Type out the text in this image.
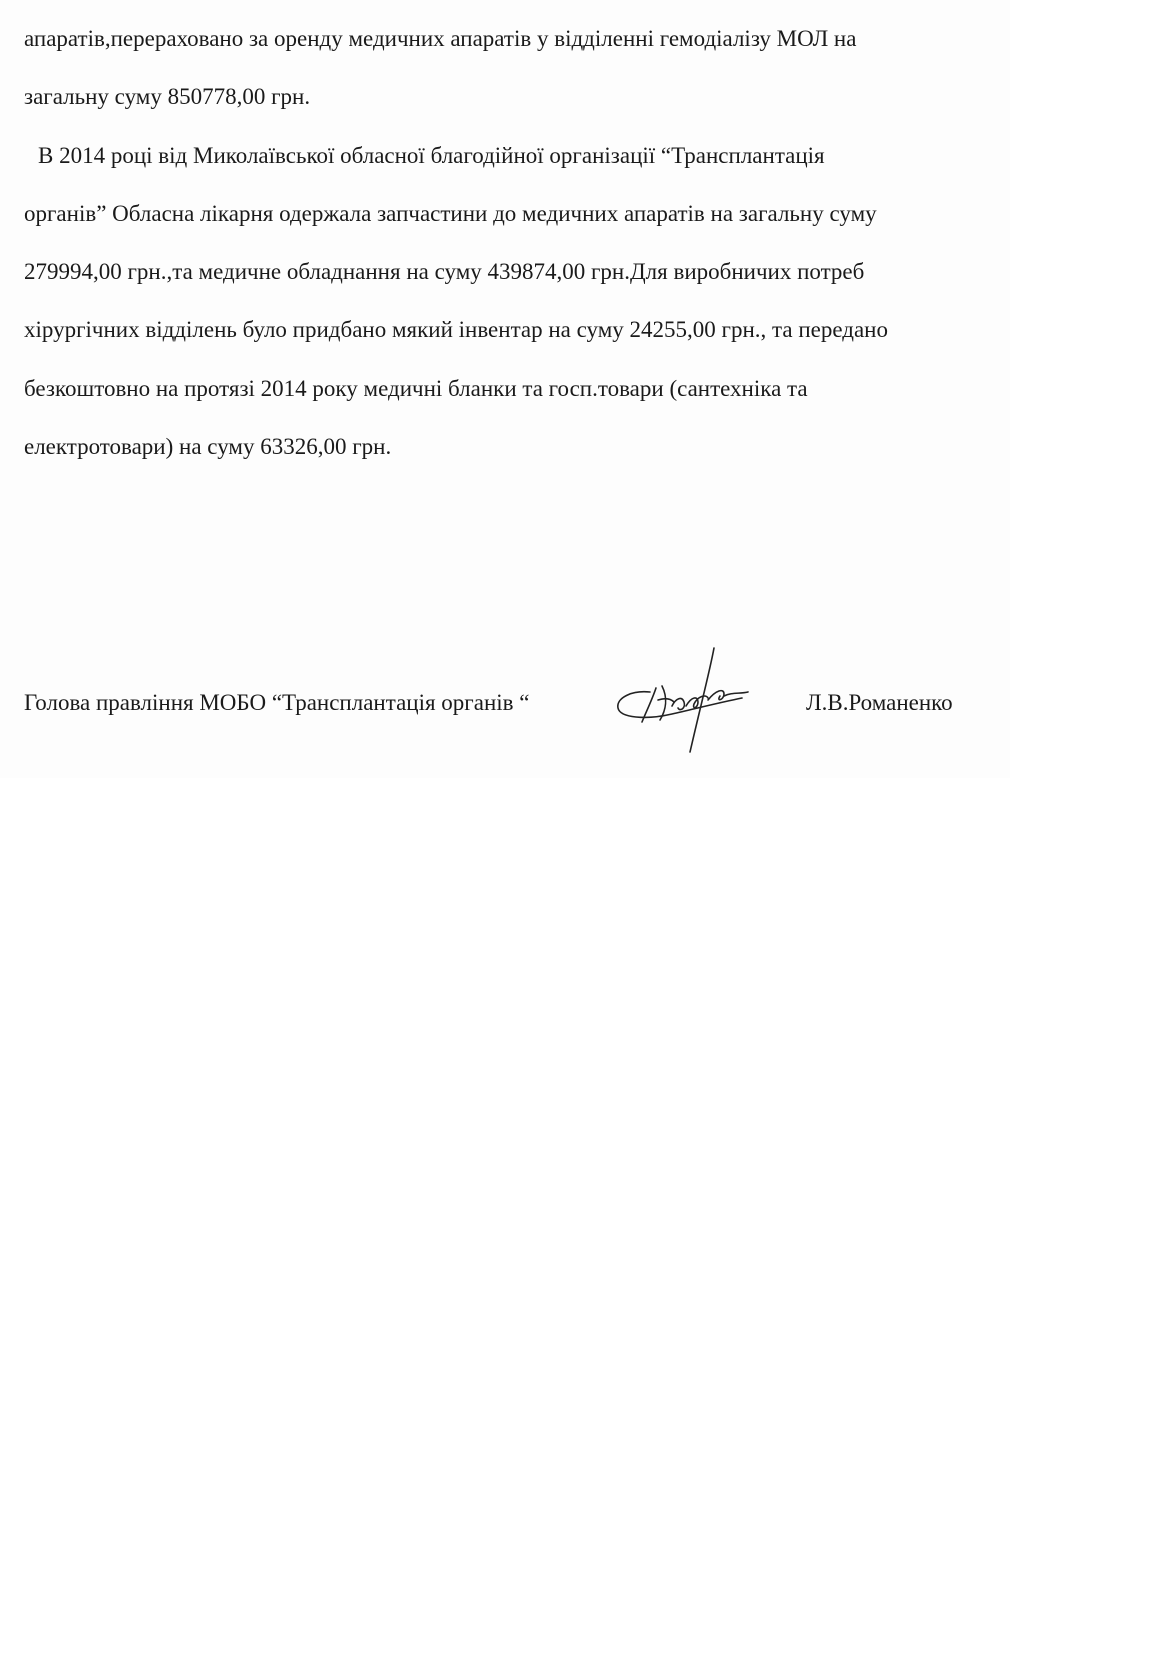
апаратів,перераховано за оренду медичних апаратів у відділенні гемодіалізу МОЛ на
загальну суму 850778,00 грн.
В 2014 році від Миколаївської обласної благодійної організації “Трансплантація
органів” Обласна лікарня одержала запчастини до медичних апаратів на загальну суму
279994,00 грн.,та медичне обладнання на суму 439874,00 грн.Для виробничих потреб
хірургічних відділень було придбано мякий інвентар на суму 24255,00 грн., та передано
безкоштовно на протязі 2014 року медичні бланки та госп.товари (сантехніка та
електротовари) на суму 63326,00 грн.
Голова правління МОБО “Трансплантація органів “	Л.В.Романенко
